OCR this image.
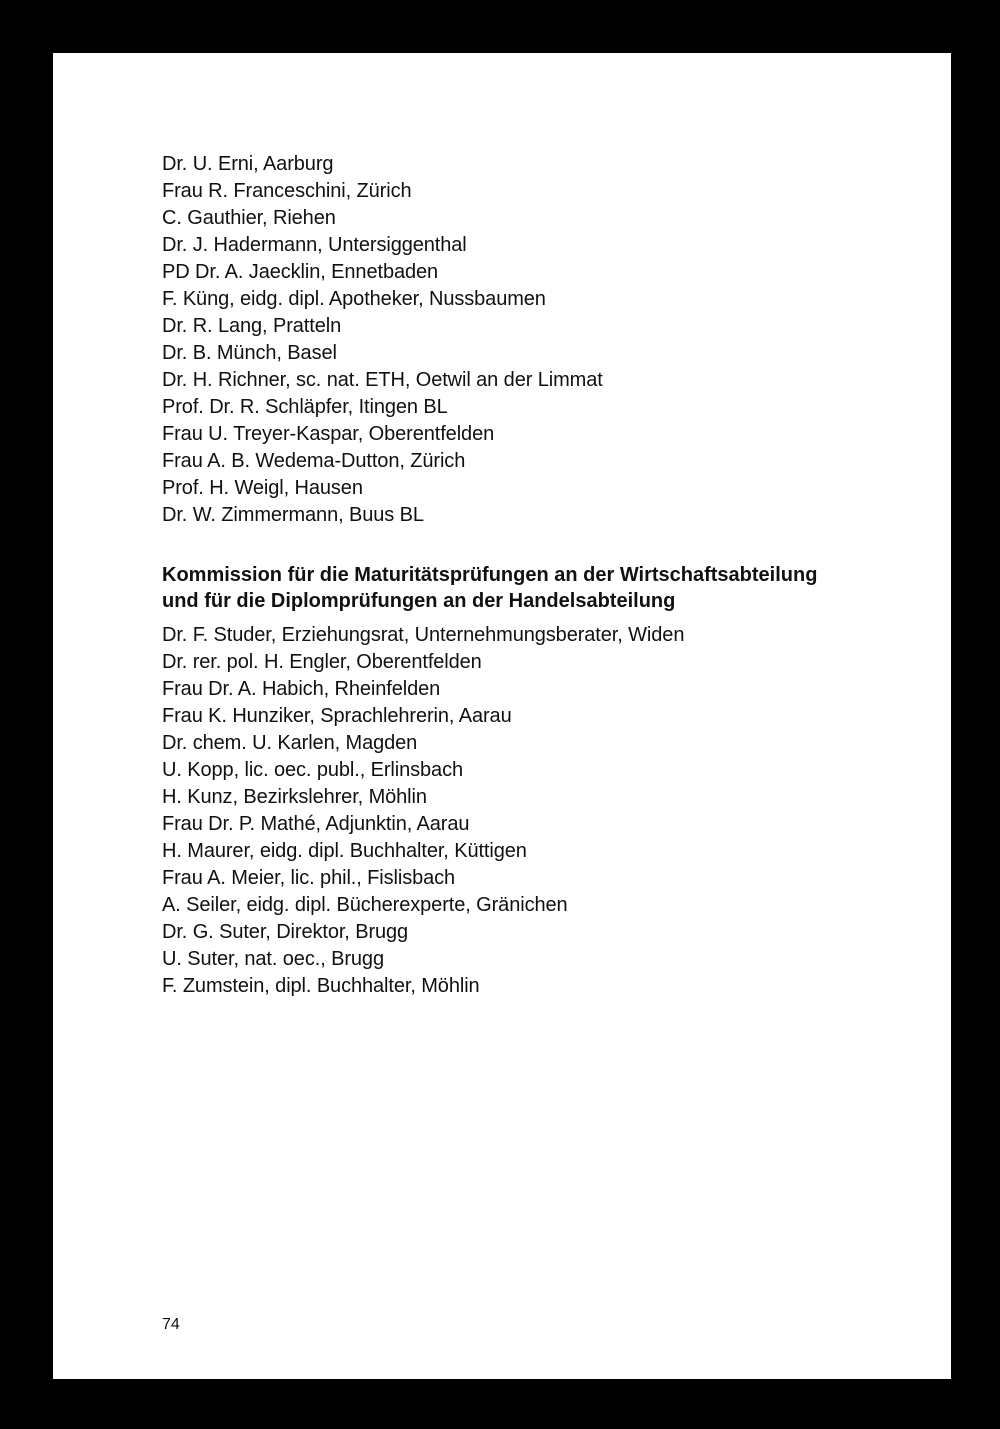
Dr. U. Erni, Aarburg
Frau R. Franceschini, Zürich
C. Gauthier, Riehen
Dr. J. Hadermann, Untersiggenthal
PD Dr. A. Jaecklin, Ennetbaden
F. Küng, eidg. dipl. Apotheker, Nussbaumen
Dr. R. Lang, Pratteln
Dr. B. Münch, Basel
Dr. H. Richner, sc. nat. ETH, Oetwil an der Limmat
Prof. Dr. R. Schläpfer, Itingen BL
Frau U. Treyer-Kaspar, Oberentfelden
Frau A. B. Wedema-Dutton, Zürich
Prof. H. Weigl, Hausen
Dr. W. Zimmermann, Buus BL
Kommission für die Maturitätsprüfungen an der Wirtschaftsabteilung
und für die Diplomprüfungen an der Handelsabteilung
Dr. F. Studer, Erziehungsrat, Unternehmungsberater, Widen
Dr. rer. pol. H. Engler, Oberentfelden
Frau Dr. A. Habich, Rheinfelden
Frau K. Hunziker, Sprachlehrerin, Aarau
Dr. chem. U. Karlen, Magden
U. Kopp, lic. oec. publ., Erlinsbach
H. Kunz, Bezirkslehrer, Möhlin
Frau Dr. P. Mathé, Adjunktin, Aarau
H. Maurer, eidg. dipl. Buchhalter, Küttigen
Frau A. Meier, lic. phil., Fislisbach
A. Seiler, eidg. dipl. Bücherexperte, Gränichen
Dr. G. Suter, Direktor, Brugg
U. Suter, nat. oec., Brugg
F. Zumstein, dipl. Buchhalter, Möhlin
74
